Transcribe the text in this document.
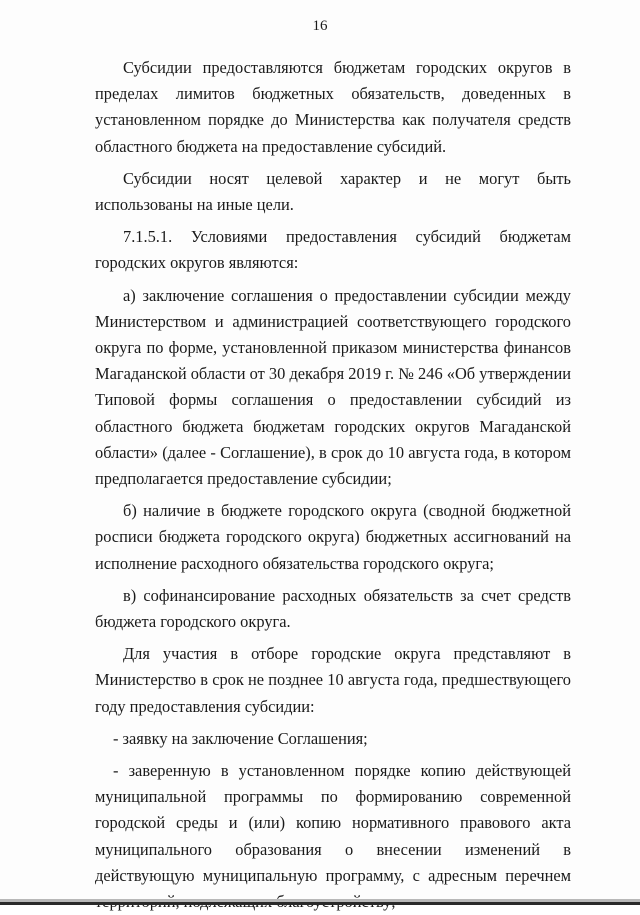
16

Субсидии предоставляются бюджетам городских округов в пределах лимитов бюджетных обязательств, доведенных в установленном порядке до Министерства как получателя средств областного бюджета на предоставление субсидий.

Субсидии носят целевой характер и не могут быть использованы на иные цели.

7.1.5.1. Условиями предоставления субсидий бюджетам городских округов являются:

а) заключение соглашения о предоставлении субсидии между Министерством и администрацией соответствующего городского округа по форме, установленной приказом министерства финансов Магаданской области от 30 декабря 2019 г. № 246 «Об утверждении Типовой формы соглашения о предоставлении субсидий из областного бюджета бюджетам городских округов Магаданской области» (далее - Соглашение), в срок до 10 августа года, в котором предполагается предоставление субсидии;

б) наличие в бюджете городского округа (сводной бюджетной росписи бюджета городского округа) бюджетных ассигнований на исполнение расходного обязательства городского округа;

в) софинансирование расходных обязательств за счет средств бюджета городского округа.

Для участия в отборе городские округа представляют в Министерство в срок не позднее 10 августа года, предшествующего году предоставления субсидии:

- заявку на заключение Соглашения;

- заверенную в установленном порядке копию действующей муниципальной программы по формированию современной городской среды и (или) копию нормативного правового акта муниципального образования о внесении изменений в действующую муниципальную программу, с адресным перечнем
